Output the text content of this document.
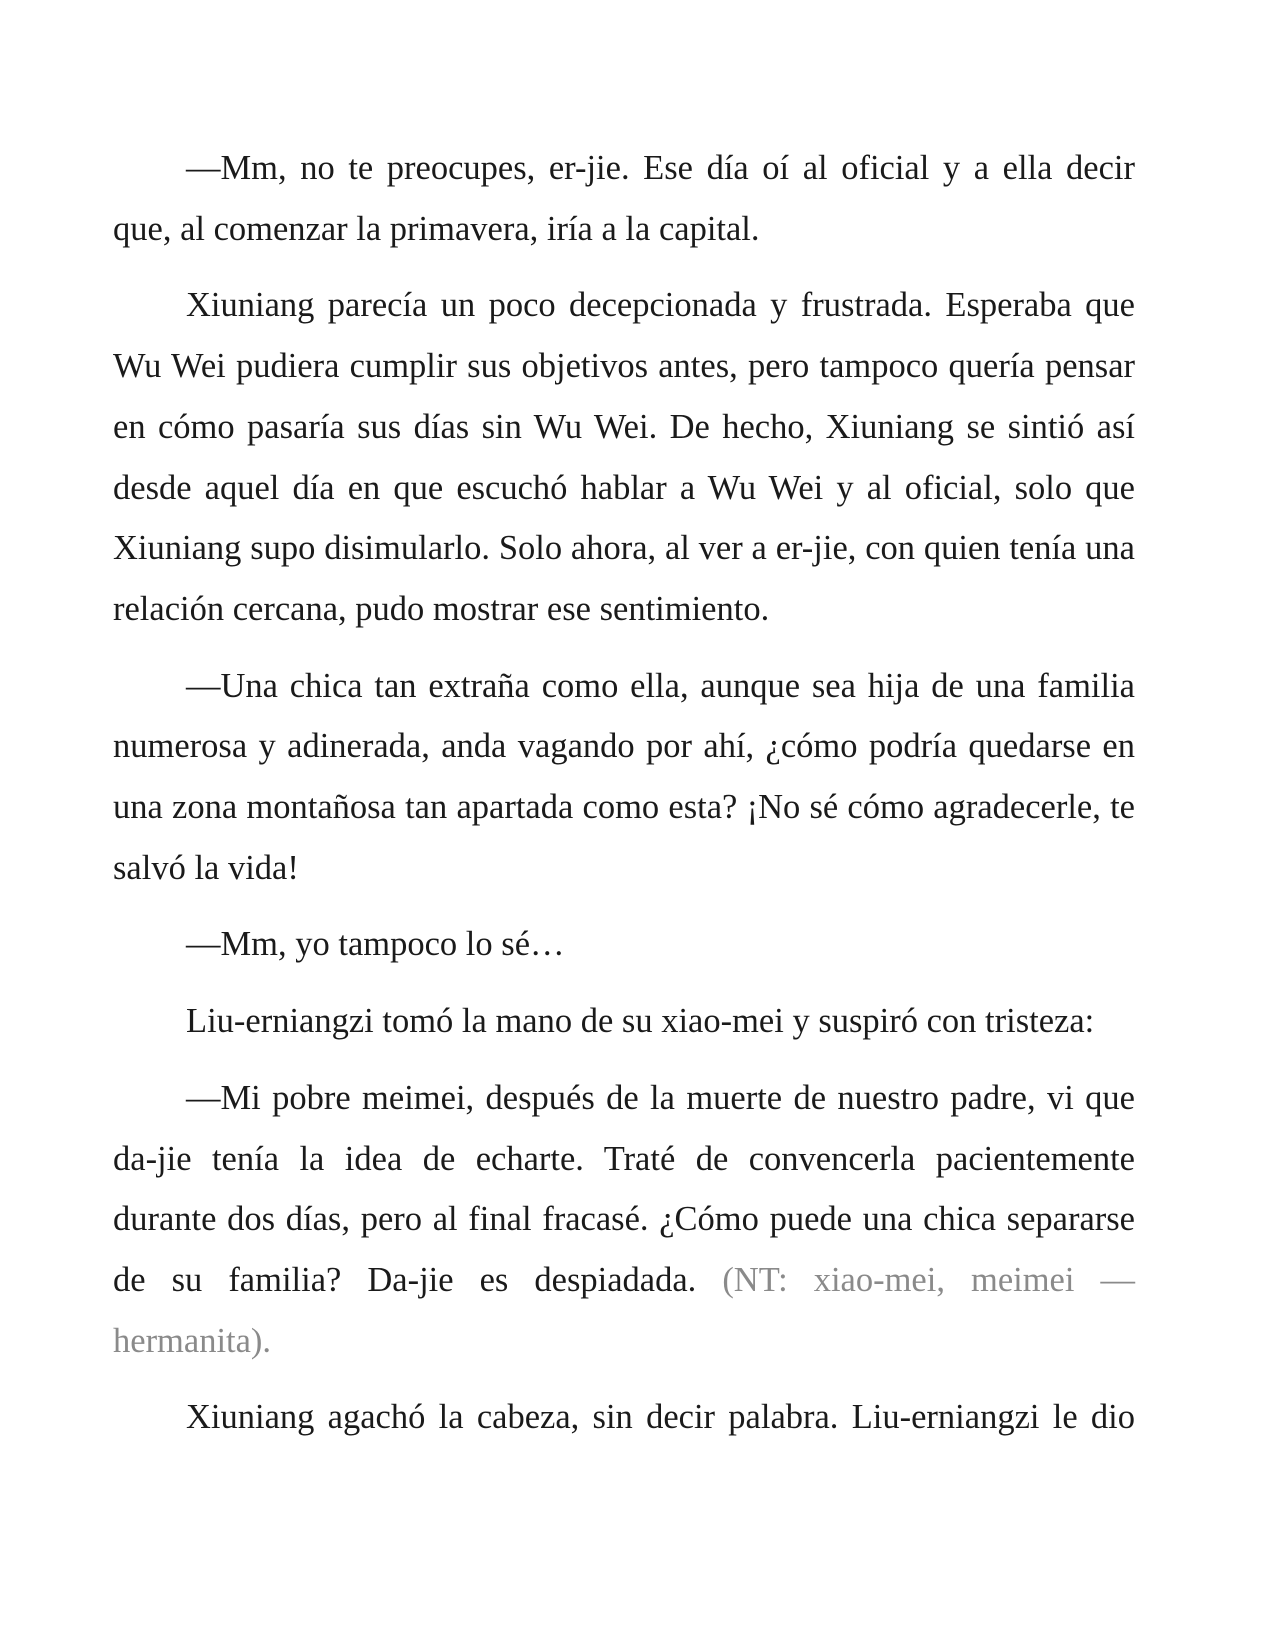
—Mm, no te preocupes, er-jie. Ese día oí al oficial y a ella decir que, al comenzar la primavera, iría a la capital.

Xiuniang parecía un poco decepcionada y frustrada. Esperaba que Wu Wei pudiera cumplir sus objetivos antes, pero tampoco quería pensar en cómo pasaría sus días sin Wu Wei. De hecho, Xiuniang se sintió así desde aquel día en que escuchó hablar a Wu Wei y al oficial, solo que Xiuniang supo disimularlo. Solo ahora, al ver a er-jie, con quien tenía una relación cercana, pudo mostrar ese sentimiento.

—Una chica tan extraña como ella, aunque sea hija de una familia numerosa y adinerada, anda vagando por ahí, ¿cómo podría quedarse en una zona montañosa tan apartada como esta? ¡No sé cómo agradecerle, te salvó la vida!

—Mm, yo tampoco lo sé…

Liu-erniangzi tomó la mano de su xiao-mei y suspiró con tristeza:

—Mi pobre meimei, después de la muerte de nuestro padre, vi que da-jie tenía la idea de echarte. Traté de convencerla pacientemente durante dos días, pero al final fracasé. ¿Cómo puede una chica separarse de su familia? Da-jie es despiadada. (NT: xiao-mei, meimei — hermanita).

Xiuniang agachó la cabeza, sin decir palabra. Liu-erniangzi le dio
